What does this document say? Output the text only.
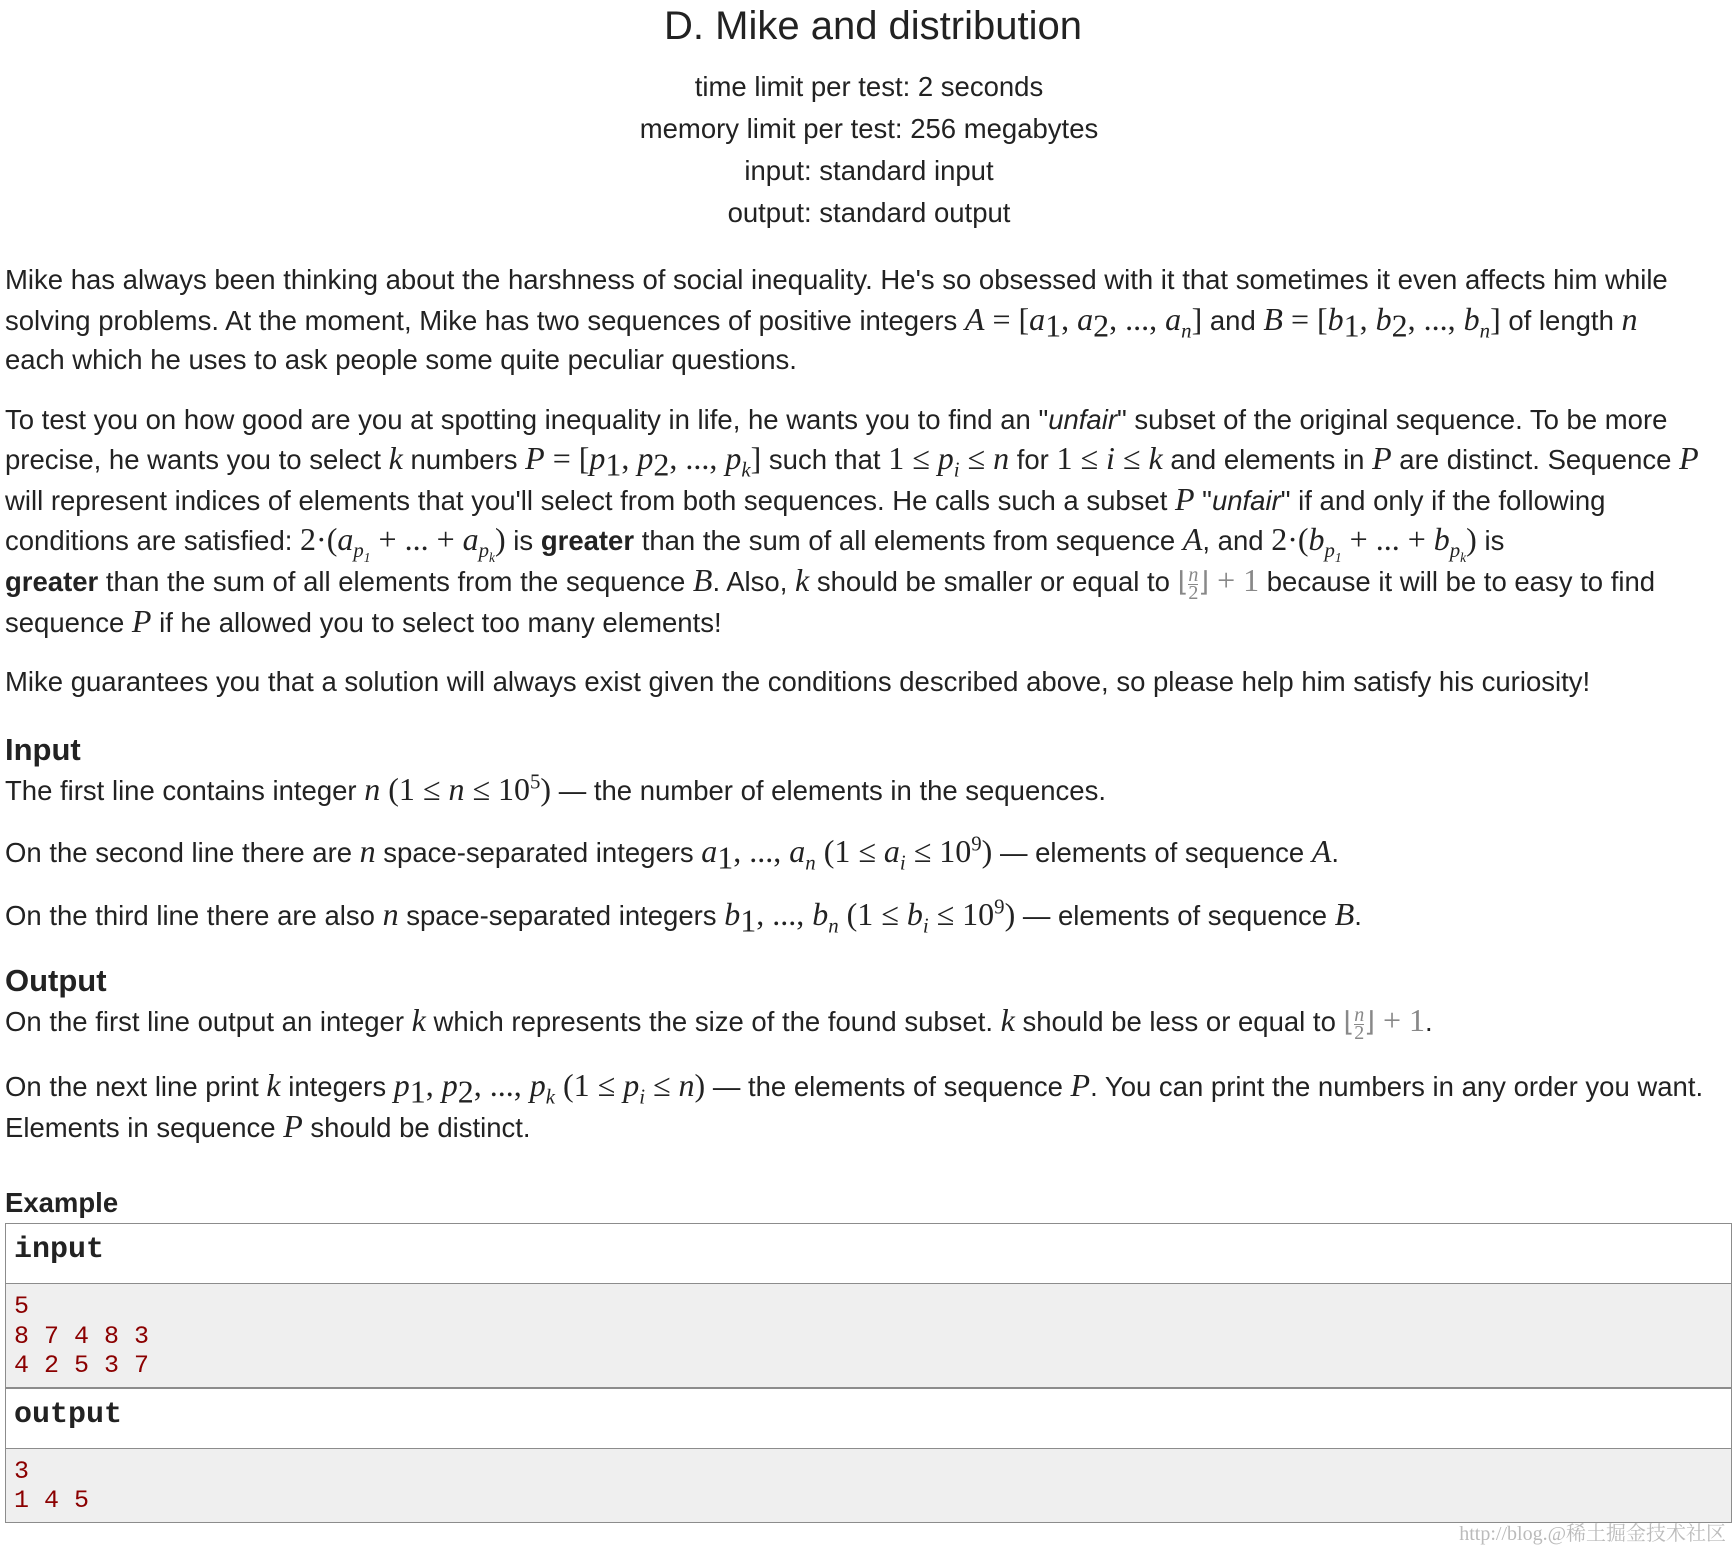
D. Mike and distribution
time limit per test: 2 seconds
memory limit per test: 256 megabytes
input: standard input
output: standard output

Mike has always been thinking about the harshness of social inequality. He's so obsessed with it that sometimes it even affects him while solving problems. At the moment, Mike has two sequences of positive integers $A = [a_1$, $a_2$, ..., $a_n$] and $B = [b_1$, $b_2$, ..., $b_n$] of length n
each which he uses to ask people some quite peculiar questions.

To test you on how good are you at spotting inequality in life, he wants you to find an "unfair" subset of the original sequence. To be more precise, he wants you to select k numbers $P = [p_1$, $p_2$, ..., $p_k$] such that $1 \le p_i \le n$ for 1 ≤ i ≤ k and elements in P are distinct. Sequence P will represent indices of elements that you'll select from both sequences. He calls such a subset P "unfair" if and only if the following conditions are satisfied: $2\cdot(a_{p_1}$ + ... + $a_{p_k}$) is greater than the sum of all elements from sequence A, and $2\cdot(b_{p_1}$ + ... + $b_{p_k}$) is
greater than the sum of all elements from the sequence B. Also, k should be smaller or equal to ⌊ $\frac{n}{2}⌋ + 1$ because it will be to easy to find sequence P if he allowed you to select too many elements!

Mike guarantees you that a solution will always exist given the conditions described above, so please help him satisfy his curiosity!

Input

The first line contains integer n $(1 \le n \le 10^5)$ — the number of elements in the sequences.

On the second line there are n space-separated integers $a_1$, ..., $a_n$ $(1 \le a_i \le 10^9)$ — elements of sequence A.

On the third line there are also n space-separated integers $b_1$, ..., $b_n$ $(1 \le b_i \le 10^9)$ — elements of sequence B.

Output

On the first line output an integer k which represents the size of the found subset. k should be less or equal to ⌊ $\frac{n}{2}⌋ + 1$.

On the next line print k integers $p_1$, $p_2$, ..., $p_k$ $(1 \le p_i \le n)$ — the elements of sequence P. You can print the numbers in any order you want. Elements in sequence P should be distinct.

Example
input
5
8 7 4 8 3
4 2 5 3 7
output
3
1 4 5
http://blog.@稀土掘金技术社区
